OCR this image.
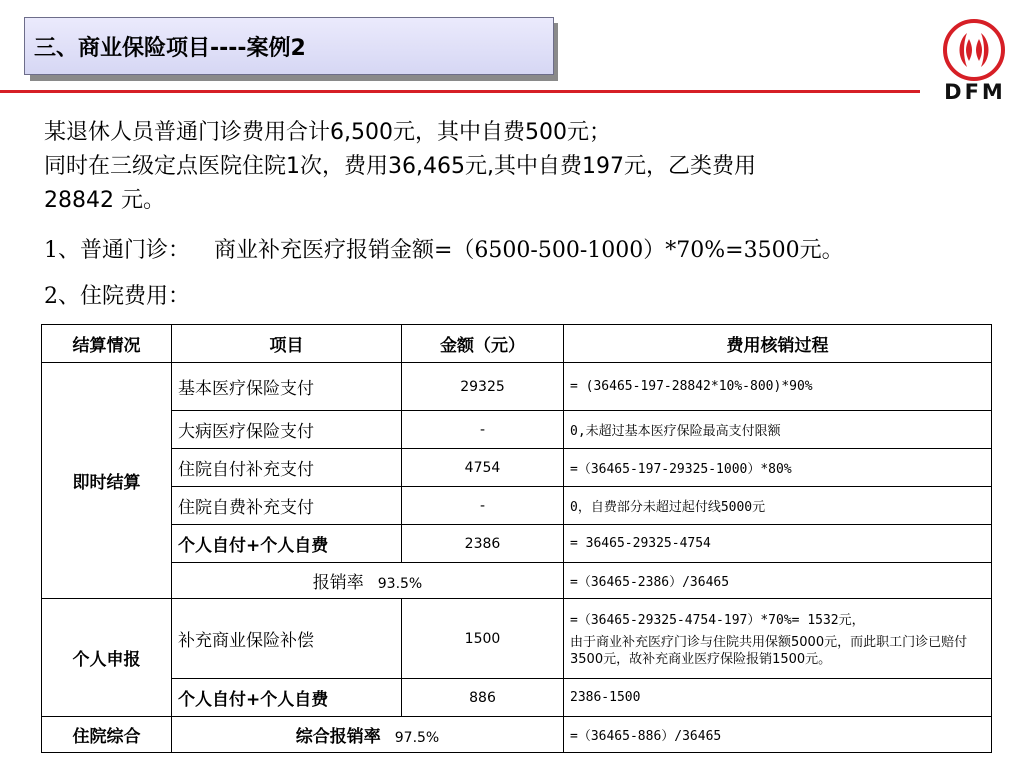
三、商业保险项目----案例2
DFM
某退休人员普通门诊费用合计6,500元，其中自费500元；
同时在三级定点医院住院1次，费用36,465元,其中自费197元，乙类费用
28842 元。
1、普通门诊： 商业补充医疗报销金额=（6500-500-1000）*70%=3500元。
2、住院费用：
结算情况	项目	金额（元）	费用核销过程
即时结算	基本医疗保险支付	29325	= (36465-197-28842*10%-800)*90%
	大病医疗保险支付	-	0,未超过基本医疗保险最高支付限额
	住院自付补充支付	4754	=（36465-197-29325-1000）*80%
	住院自费补充支付	-	0，自费部分未超过起付线5000元
	个人自付+个人自费	2386	= 36465-29325-4754
	报销率 93.5%		=（36465-2386）/36465
个人申报	补充商业保险补偿	1500	=（36465-29325-4754-197）*70%= 1532元，
由于商业补充医疗门诊与住院共用保额5000元，而此职工门诊已赔付3500元，故补充商业医疗保险报销1500元。

	个人自付+个人自费	886	2386-1500
住院综合	综合报销率 97.5%		=（36465-886）/36465
